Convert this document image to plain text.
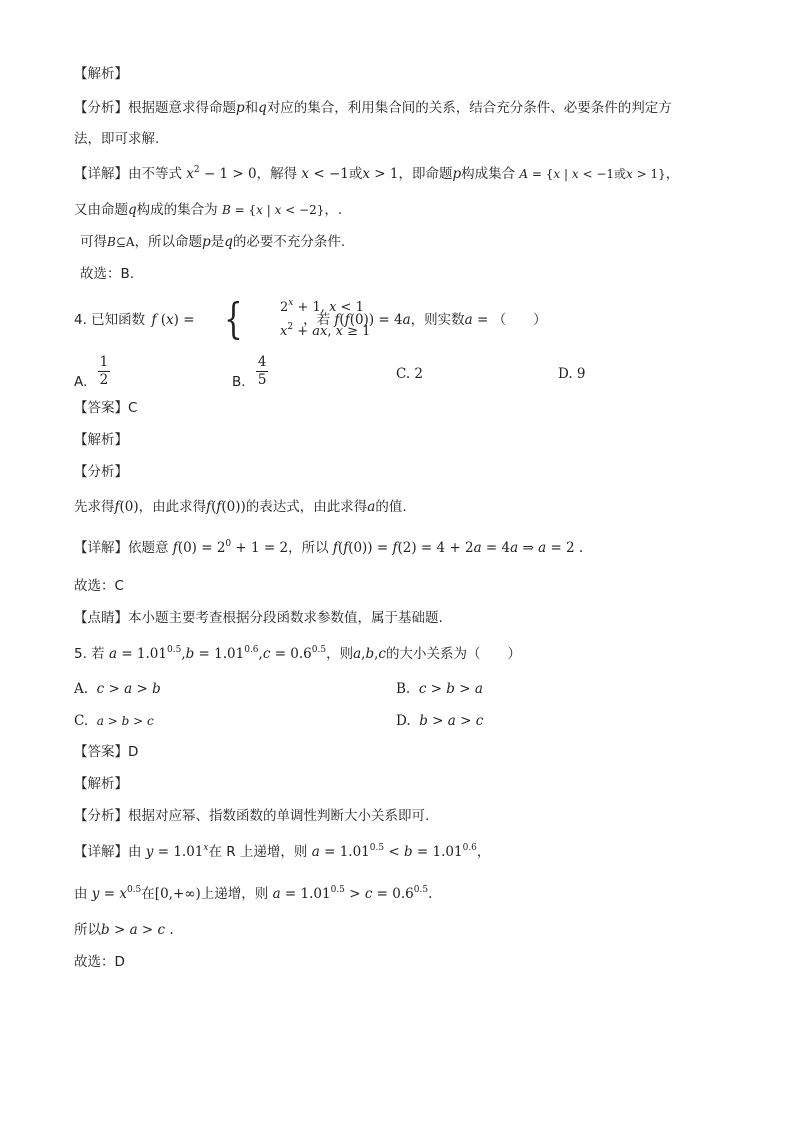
【解析】
【分析】根据题意求得命题p和q对应的集合，利用集合间的关系，结合充分条件、必要条件的判定方
法，即可求解.
【详解】由不等式 $x^2 - 1 > 0$，解得 x < −1或x > 1，即命题p构成集合 A = {x | x < −1或x > 1}，
又由命题q构成的集合为 B = {x | x < −2}，.
可得B⊆A，所以命题p是q的必要不充分条件.
故选：B.
4. 已知函数 f (x) = {	$2^x + 1$, x < 1
$x^2$ + ax, x ≥ 1
，若 f(f(0)) = 4a，则实数a = （　　）
A. $\frac{1}{2}$	B. $\frac{4}{5}$	C. 2	D. 9
【答案】C
【解析】
【分析】
先求得f(0)，由此求得f(f(0))的表达式，由此求得a的值.
【详解】依题意 $f(0) = 2^0 + 1 = 2$，所以 f(f(0)) = f(2) = 4 + 2a = 4a ⇒ a = 2 .
故选：C
【点睛】本小题主要考查根据分段函数求参数值，属于基础题.
5. 若 $a = 1.01^{0.5},b = 1.01^{0.6},c = 0.6^{0.5}$，则a,b,c的大小关系为（　　）
A. c > a > b	B. c > b > a
C. a > b > c	D. b > a > c
【答案】D
【解析】
【分析】根据对应幂、指数函数的单调性判断大小关系即可.
【详解】由 $y = 1.01^x$在 R 上递增，则 $a = 1.01^{0.5} < b = 1.01^{0.6}$，
由 $y = x^{0.5}$在[0,+∞)上递增，则 $a = 1.01^{0.5} > c = 0.6^{0.5}$.
所以b > a > c .
故选：D
